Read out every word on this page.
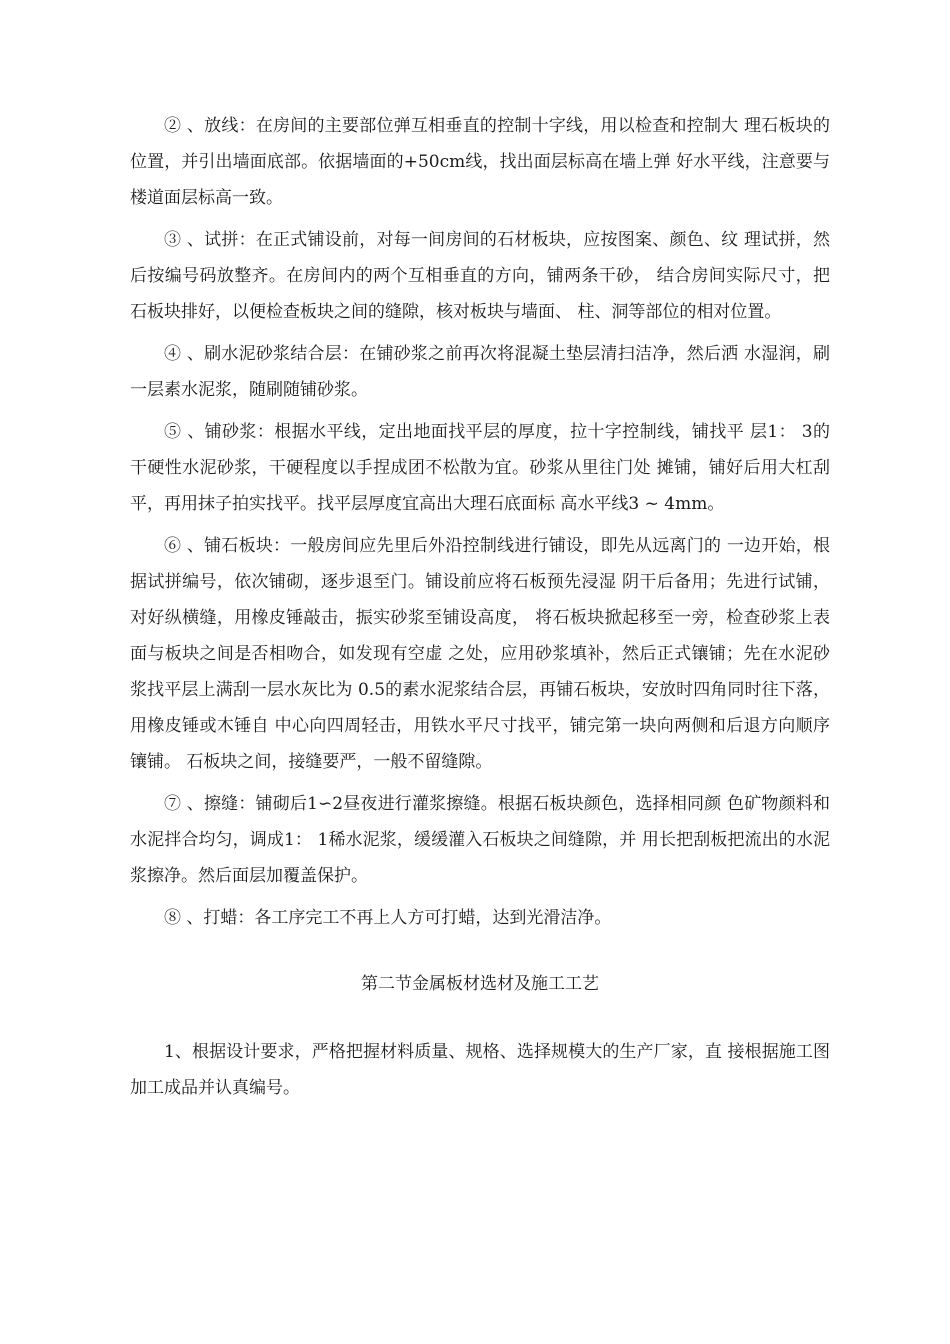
② 、放线：在房间的主要部位弹互相垂直的控制十字线，用以检查和控制大 理石板块的位置，并引出墙面底部。依据墙面的+50cm线，找出面层标高在墙上弹 好水平线，注意要与楼道面层标高一致。

③ 、试拼：在正式铺设前，对每一间房间的石材板块，应按图案、颜色、纹 理试拼，然后按编号码放整齐。在房间内的两个互相垂直的方向，铺两条干砂， 结合房间实际尺寸，把石板块排好，以便检查板块之间的缝隙，核对板块与墙面、 柱、洞等部位的相对位置。

④ 、刷水泥砂浆结合层：在铺砂浆之前再次将混凝土垫层清扫洁净，然后洒 水湿润，刷一层素水泥浆，随刷随铺砂浆。

⑤ 、铺砂浆：根据水平线，定出地面找平层的厚度，拉十字控制线，铺找平 层1： 3的干硬性水泥砂浆，干硬程度以手捏成团不松散为宜。砂浆从里往门处 摊铺，铺好后用大杠刮平，再用抹子拍实找平。找平层厚度宜高出大理石底面标 高水平线3 ~ 4mm。

⑥ 、铺石板块：一般房间应先里后外沿控制线进行铺设，即先从远离门的 一边开始，根据试拼编号，依次铺砌，逐步退至门。铺设前应将石板预先浸湿 阴干后备用；先进行试铺，对好纵横缝，用橡皮锤敲击，振实砂浆至铺设高度， 将石板块掀起移至一旁，检查砂浆上表面与板块之间是否相吻合，如发现有空虚 之处，应用砂浆填补，然后正式镶铺；先在水泥砂浆找平层上满刮一层水灰比为 0.5的素水泥浆结合层，再铺石板块，安放时四角同时往下落，用橡皮锤或木锤自 中心向四周轻击，用铁水平尺寸找平，铺完第一块向两侧和后退方向顺序镶铺。 石板块之间，接缝要严，一般不留缝隙。

⑦ 、擦缝：铺砌后1∽2昼夜进行灌浆擦缝。根据石板块颜色，选择相同颜 色矿物颜料和水泥拌合均匀，调成1： 1稀水泥浆，缓缓灌入石板块之间缝隙，并 用长把刮板把流出的水泥浆擦净。然后面层加覆盖保护。

⑧ 、打蜡：各工序完工不再上人方可打蜡，达到光滑洁净。

第二节金属板材选材及施工工艺

1、根据设计要求，严格把握材料质量、规格、选择规模大的生产厂家，直 接根据施工图加工成品并认真编号。
